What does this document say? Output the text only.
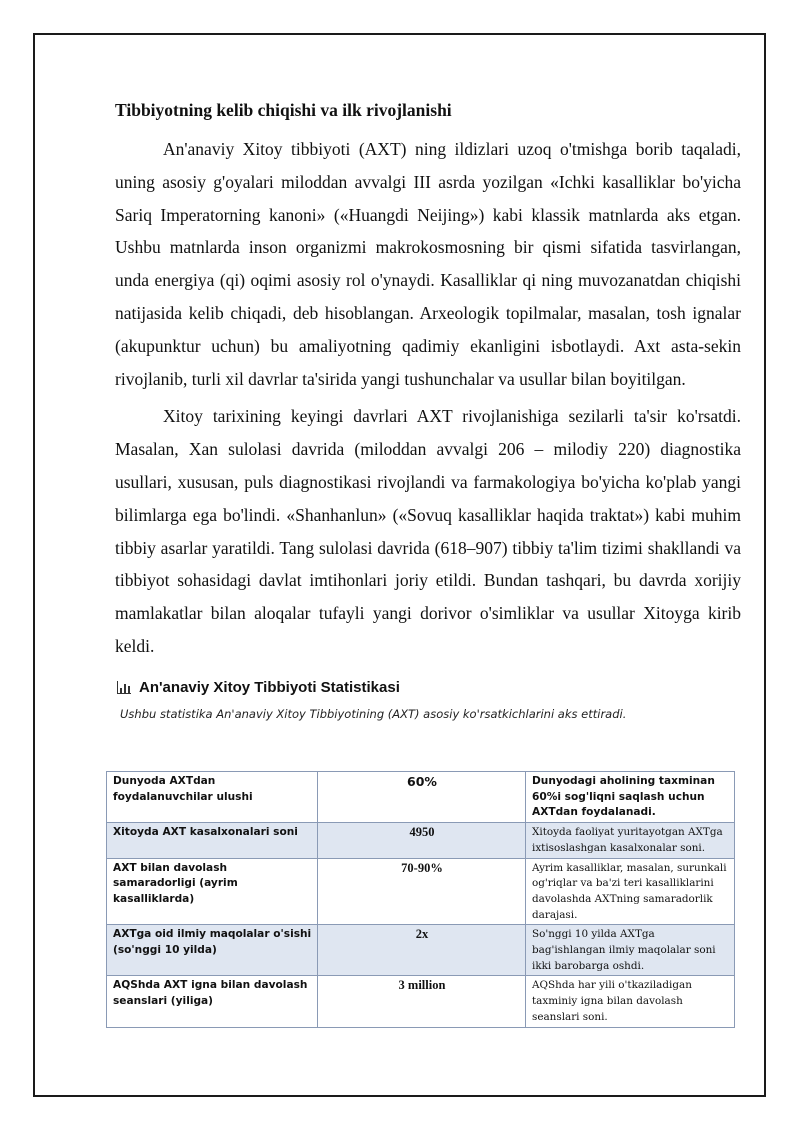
Tibbiyotning kelib chiqishi va ilk rivojlanishi

An'anaviy Xitoy tibbiyoti (AXT) ning ildizlari uzoq o'tmishga borib taqaladi, uning asosiy g'oyalari miloddan avvalgi III asrda yozilgan «Ichki kasalliklar bo'yicha Sariq Imperatorning kanoni» («Huangdi Neijing») kabi klassik matnlarda aks etgan. Ushbu matnlarda inson organizmi makrokosmosning bir qismi sifatida tasvirlangan, unda energiya (qi) oqimi asosiy rol o'ynaydi. Kasalliklar qi ning muvozanatdan chiqishi natijasida kelib chiqadi, deb hisoblangan. Arxeologik topilmalar, masalan, tosh ignalar (akupunktur uchun) bu amaliyotning qadimiy ekanligini isbotlaydi. Axt asta-sekin rivojlanib, turli xil davrlar ta'sirida yangi tushunchalar va usullar bilan boyitilgan.

Xitoy tarixining keyingi davrlari AXT rivojlanishiga sezilarli ta'sir ko'rsatdi. Masalan, Xan sulolasi davrida (miloddan avvalgi 206 – milodiy 220) diagnostika usullari, xususan, puls diagnostikasi rivojlandi va farmakologiya bo'yicha ko'plab yangi bilimlarga ega bo'lindi. «Shanhanlun» («Sovuq kasalliklar haqida traktat») kabi muhim tibbiy asarlar yaratildi. Tang sulolasi davrida (618–907) tibbiy ta'lim tizimi shakllandi va tibbiyot sohasidagi davlat imtihonlari joriy etildi. Bundan tashqari, bu davrda xorijiy mamlakatlar bilan aloqalar tufayli yangi dorivor o'simliklar va usullar Xitoyga kirib keldi.

An'anaviy Xitoy Tibbiyoti Statistikasi
Ushbu statistika An'anaviy Xitoy Tibbiyotining (AXT) asosiy ko'rsatkichlarini aks ettiradi.
Dunyoda AXTdan foydalanuvchilar ulushi	60%	Dunyodagi aholining taxminan 60%i sog'liqni saqlash uchun AXTdan foydalanadi.
Xitoyda AXT kasalxonalari soni	4950	Xitoyda faoliyat yuritayotgan AXTga ixtisoslashgan kasalxonalar soni.
AXT bilan davolash samaradorligi (ayrim kasalliklarda)	70-90%	Ayrim kasalliklar, masalan, surunkali og'riqlar va ba'zi teri kasalliklarini davolashda AXTning samaradorlik darajasi.
AXTga oid ilmiy maqolalar o'sishi (so'nggi 10 yilda)	2x	So'nggi 10 yilda AXTga bag'ishlangan ilmiy maqolalar soni ikki barobarga oshdi.
AQShda AXT igna bilan davolash seanslari (yiliga)	3 million	AQShda har yili o'tkaziladigan taxminiy igna bilan davolash seanslari soni.
